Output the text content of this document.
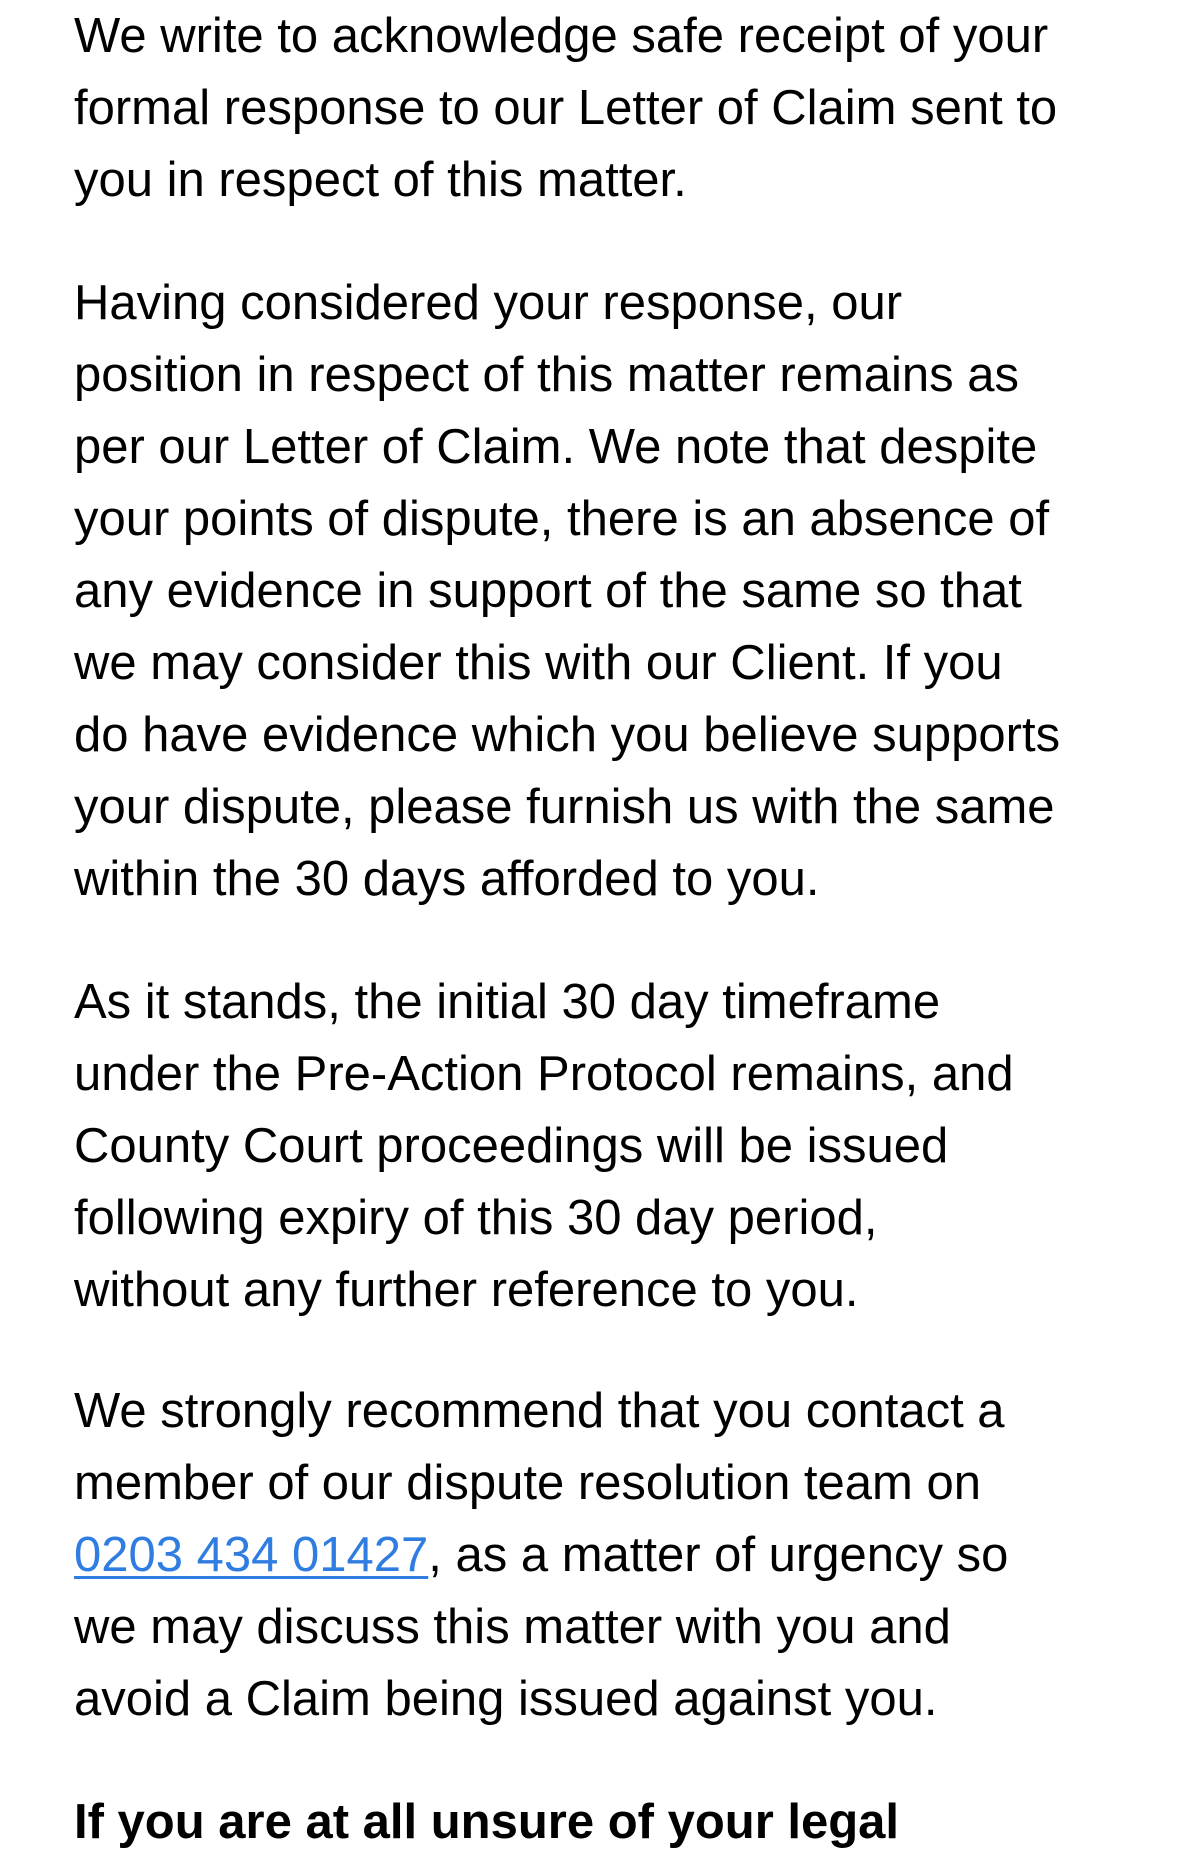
We write to acknowledge safe receipt of your
formal response to our Letter of Claim sent to
you in respect of this matter.

Having considered your response, our
position in respect of this matter remains as
per our Letter of Claim. We note that despite
your points of dispute, there is an absence of
any evidence in support of the same so that
we may consider this with our Client. If you
do have evidence which you believe supports
your dispute, please furnish us with the same
within the 30 days afforded to you.

As it stands, the initial 30 day timeframe
under the Pre-Action Protocol remains, and
County Court proceedings will be issued
following expiry of this 30 day period,
without any further reference to you.

We strongly recommend that you contact a
member of our dispute resolution team on
0203 434 01427, as a matter of urgency so
we may discuss this matter with you and
avoid a Claim being issued against you.

If you are at all unsure of your legal
